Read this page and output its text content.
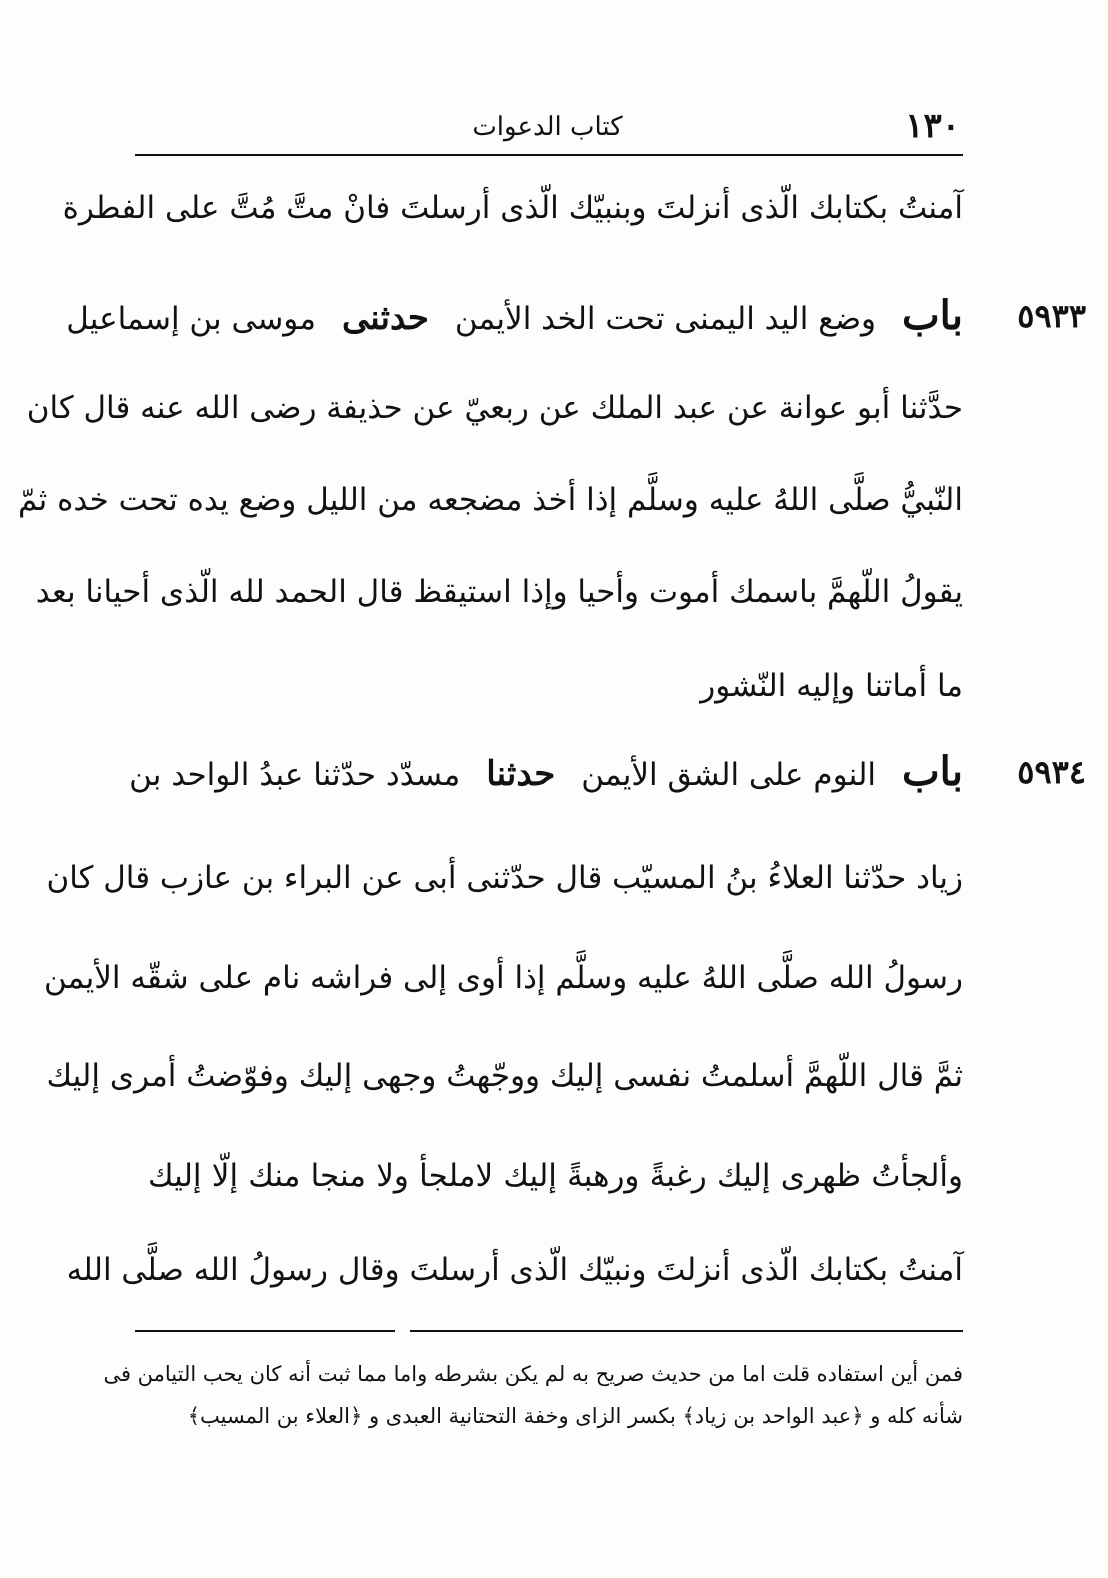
كتاب الدعوات	١٣٠
آمنتُ بكتابك الّذى أنزلتَ وبنبيّك الّذى أرسلتَ فانْ متَّ مُتَّ على الفطرة
٥٩٣٣
بابوضع اليد اليمنى تحت الخد الأيمنحدثنىموسى بن إسماعيل
حدَّثنا أبو عوانة عن عبد الملك عن ربعيّ عن حذيفة رضى الله عنه قال كان
النّبيُّ صلَّى اللهُ عليه وسلَّم إذا أخذ مضجعه من الليل وضع يده تحت خده ثمّ
يقولُ اللّهمَّ باسمك أموت وأحيا وإذا استيقظ قال الحمد لله الّذى أحيانا بعد
ما أماتنا وإليه النّشور
٥٩٣٤
بابالنوم على الشق الأيمنحدثنامسدّد حدّثنا عبدُ الواحد بن
زياد حدّثنا العلاءُ بنُ المسيّب قال حدّثنى أبى عن البراء بن عازب قال كان
رسولُ الله صلَّى اللهُ عليه وسلَّم إذا أوى إلى فراشه نام على شقّه الأيمن
ثمَّ قال اللّهمَّ أسلمتُ نفسى إليك ووجّهتُ وجهى إليك وفوّضتُ أمرى إليك
وألجأتُ ظهرى إليك رغبةً ورهبةً إليك لاملجأ ولا منجا منك إلّا إليك
آمنتُ بكتابك الّذى أنزلتَ ونبيّك الّذى أرسلتَ وقال رسولُ الله صلَّى الله
فمن أين استفاده قلت اما من حديث صريح به لم يكن بشرطه واما مما ثبت أنه كان يحب التيامن فى
شأنه كله و ﴿عبد الواحد بن زياد﴾ بكسر الزاى وخفة التحتانية العبدى و ﴿العلاء بن المسيب﴾
